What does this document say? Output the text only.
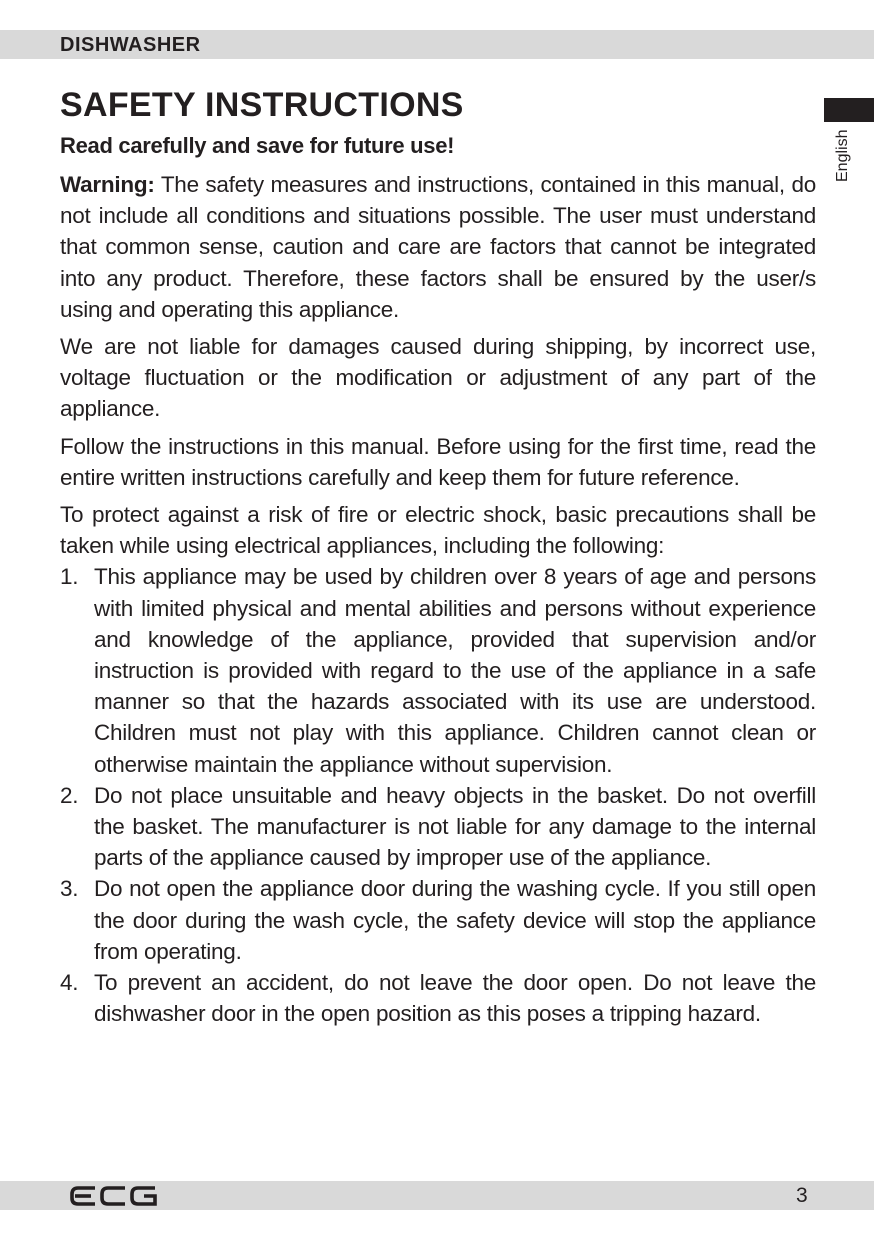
DISHWASHER
English
SAFETY INSTRUCTIONS

Read carefully and save for future use!

Warning: The safety measures and instructions, contained in this manual, do not include all conditions and situations possible. The user must understand that common sense, caution and care are factors that cannot be integrated into any product. Therefore, these factors shall be ensured by the user/s using and operating this appliance.

We are not liable for damages caused during shipping, by incorrect use, voltage fluctuation or the modification or adjustment of any part of the appliance.

Follow the instructions in this manual. Before using for the first time, read the entire written instructions carefully and keep them for future reference.

To protect against a risk of fire or electric shock, basic precautions shall be taken while using electrical appliances, including the following:

1. This appliance may be used by children over 8 years of age and persons with limited physical and mental abilities and persons without experience and knowledge of the appliance, provided that supervision and/or instruction is provided with regard to the use of the appliance in a safe manner so that the hazards associated with its use are understood. Children must not play with this appliance. Children cannot clean or otherwise maintain the appliance without supervision.
2. Do not place unsuitable and heavy objects in the basket. Do not overfill the basket. The manufacturer is not liable for any damage to the internal parts of the appliance caused by improper use of the appliance.
3. Do not open the appliance door during the washing cycle. If you still open the door during the wash cycle, the safety device will stop the appliance from operating.
4. To prevent an accident, do not leave the door open. Do not leave the dishwasher door in the open position as this poses a tripping hazard.
3
